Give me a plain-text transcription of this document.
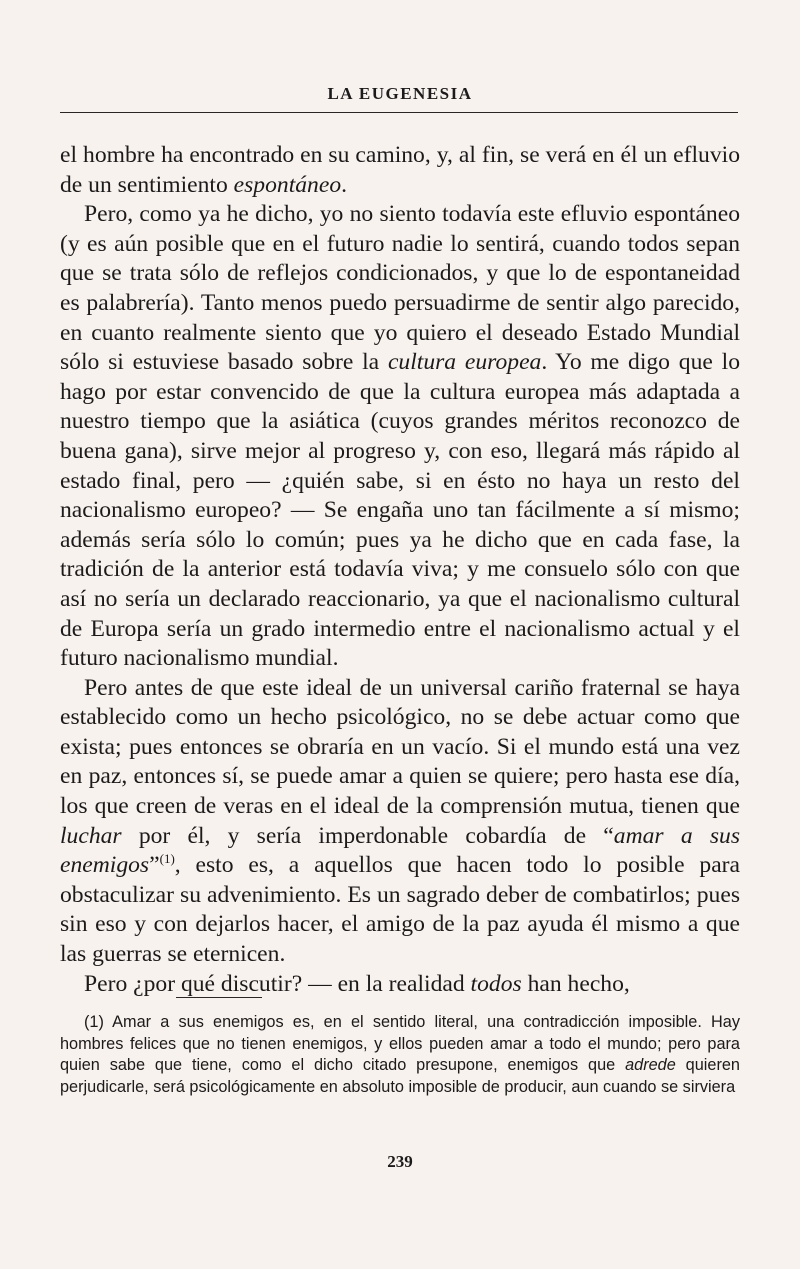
LA EUGENESIA

el hombre ha encontrado en su camino, y, al fin, se verá en él un efluvio de un sentimiento espontáneo.

Pero, como ya he dicho, yo no siento todavía este efluvio espontáneo (y es aún posible que en el futuro nadie lo sentirá, cuando todos sepan que se trata sólo de reflejos condicionados, y que lo de espontaneidad es palabrería). Tanto menos puedo persuadirme de sentir algo parecido, en cuanto realmente siento que yo quiero el deseado Estado Mundial sólo si estuviese basado sobre la cultura europea. Yo me digo que lo hago por estar convencido de que la cultura europea más adaptada a nuestro tiempo que la asiática (cuyos grandes méritos reconozco de buena gana), sirve mejor al progreso y, con eso, llegará más rápido al estado final, pero — ¿quién sabe, si en ésto no haya un resto del nacionalismo europeo? — Se engaña uno tan fácilmente a sí mismo; además sería sólo lo común; pues ya he dicho que en cada fase, la tradición de la anterior está todavía viva; y me consuelo sólo con que así no sería un declarado reaccionario, ya que el nacionalismo cultural de Europa sería un grado intermedio entre el nacionalismo actual y el futuro nacionalismo mundial.

Pero antes de que este ideal de un universal cariño fraternal se haya establecido como un hecho psicológico, no se debe actuar como que exista; pues entonces se obraría en un vacío. Si el mundo está una vez en paz, entonces sí, se puede amar a quien se quiere; pero hasta ese día, los que creen de veras en el ideal de la comprensión mutua, tienen que luchar por él, y sería imperdonable cobardía de “amar a sus enemigos”$^{(1)}$, esto es, a aquellos que hacen todo lo posible para obstaculizar su advenimiento. Es un sagrado deber de combatirlos; pues sin eso y con dejarlos hacer, el amigo de la paz ayuda él mismo a que las guerras se eternicen.

Pero ¿por qué discutir? — en la realidad todos han hecho,

(1) Amar a sus enemigos es, en el sentido literal, una contradicción imposible. Hay hombres felices que no tienen enemigos, y ellos pueden amar a todo el mundo; pero para quien sabe que tiene, como el dicho citado presupone, enemigos que adrede quieren perjudicarle, será psicológicamente en absoluto imposible de producir, aun cuando se sirviera

239
